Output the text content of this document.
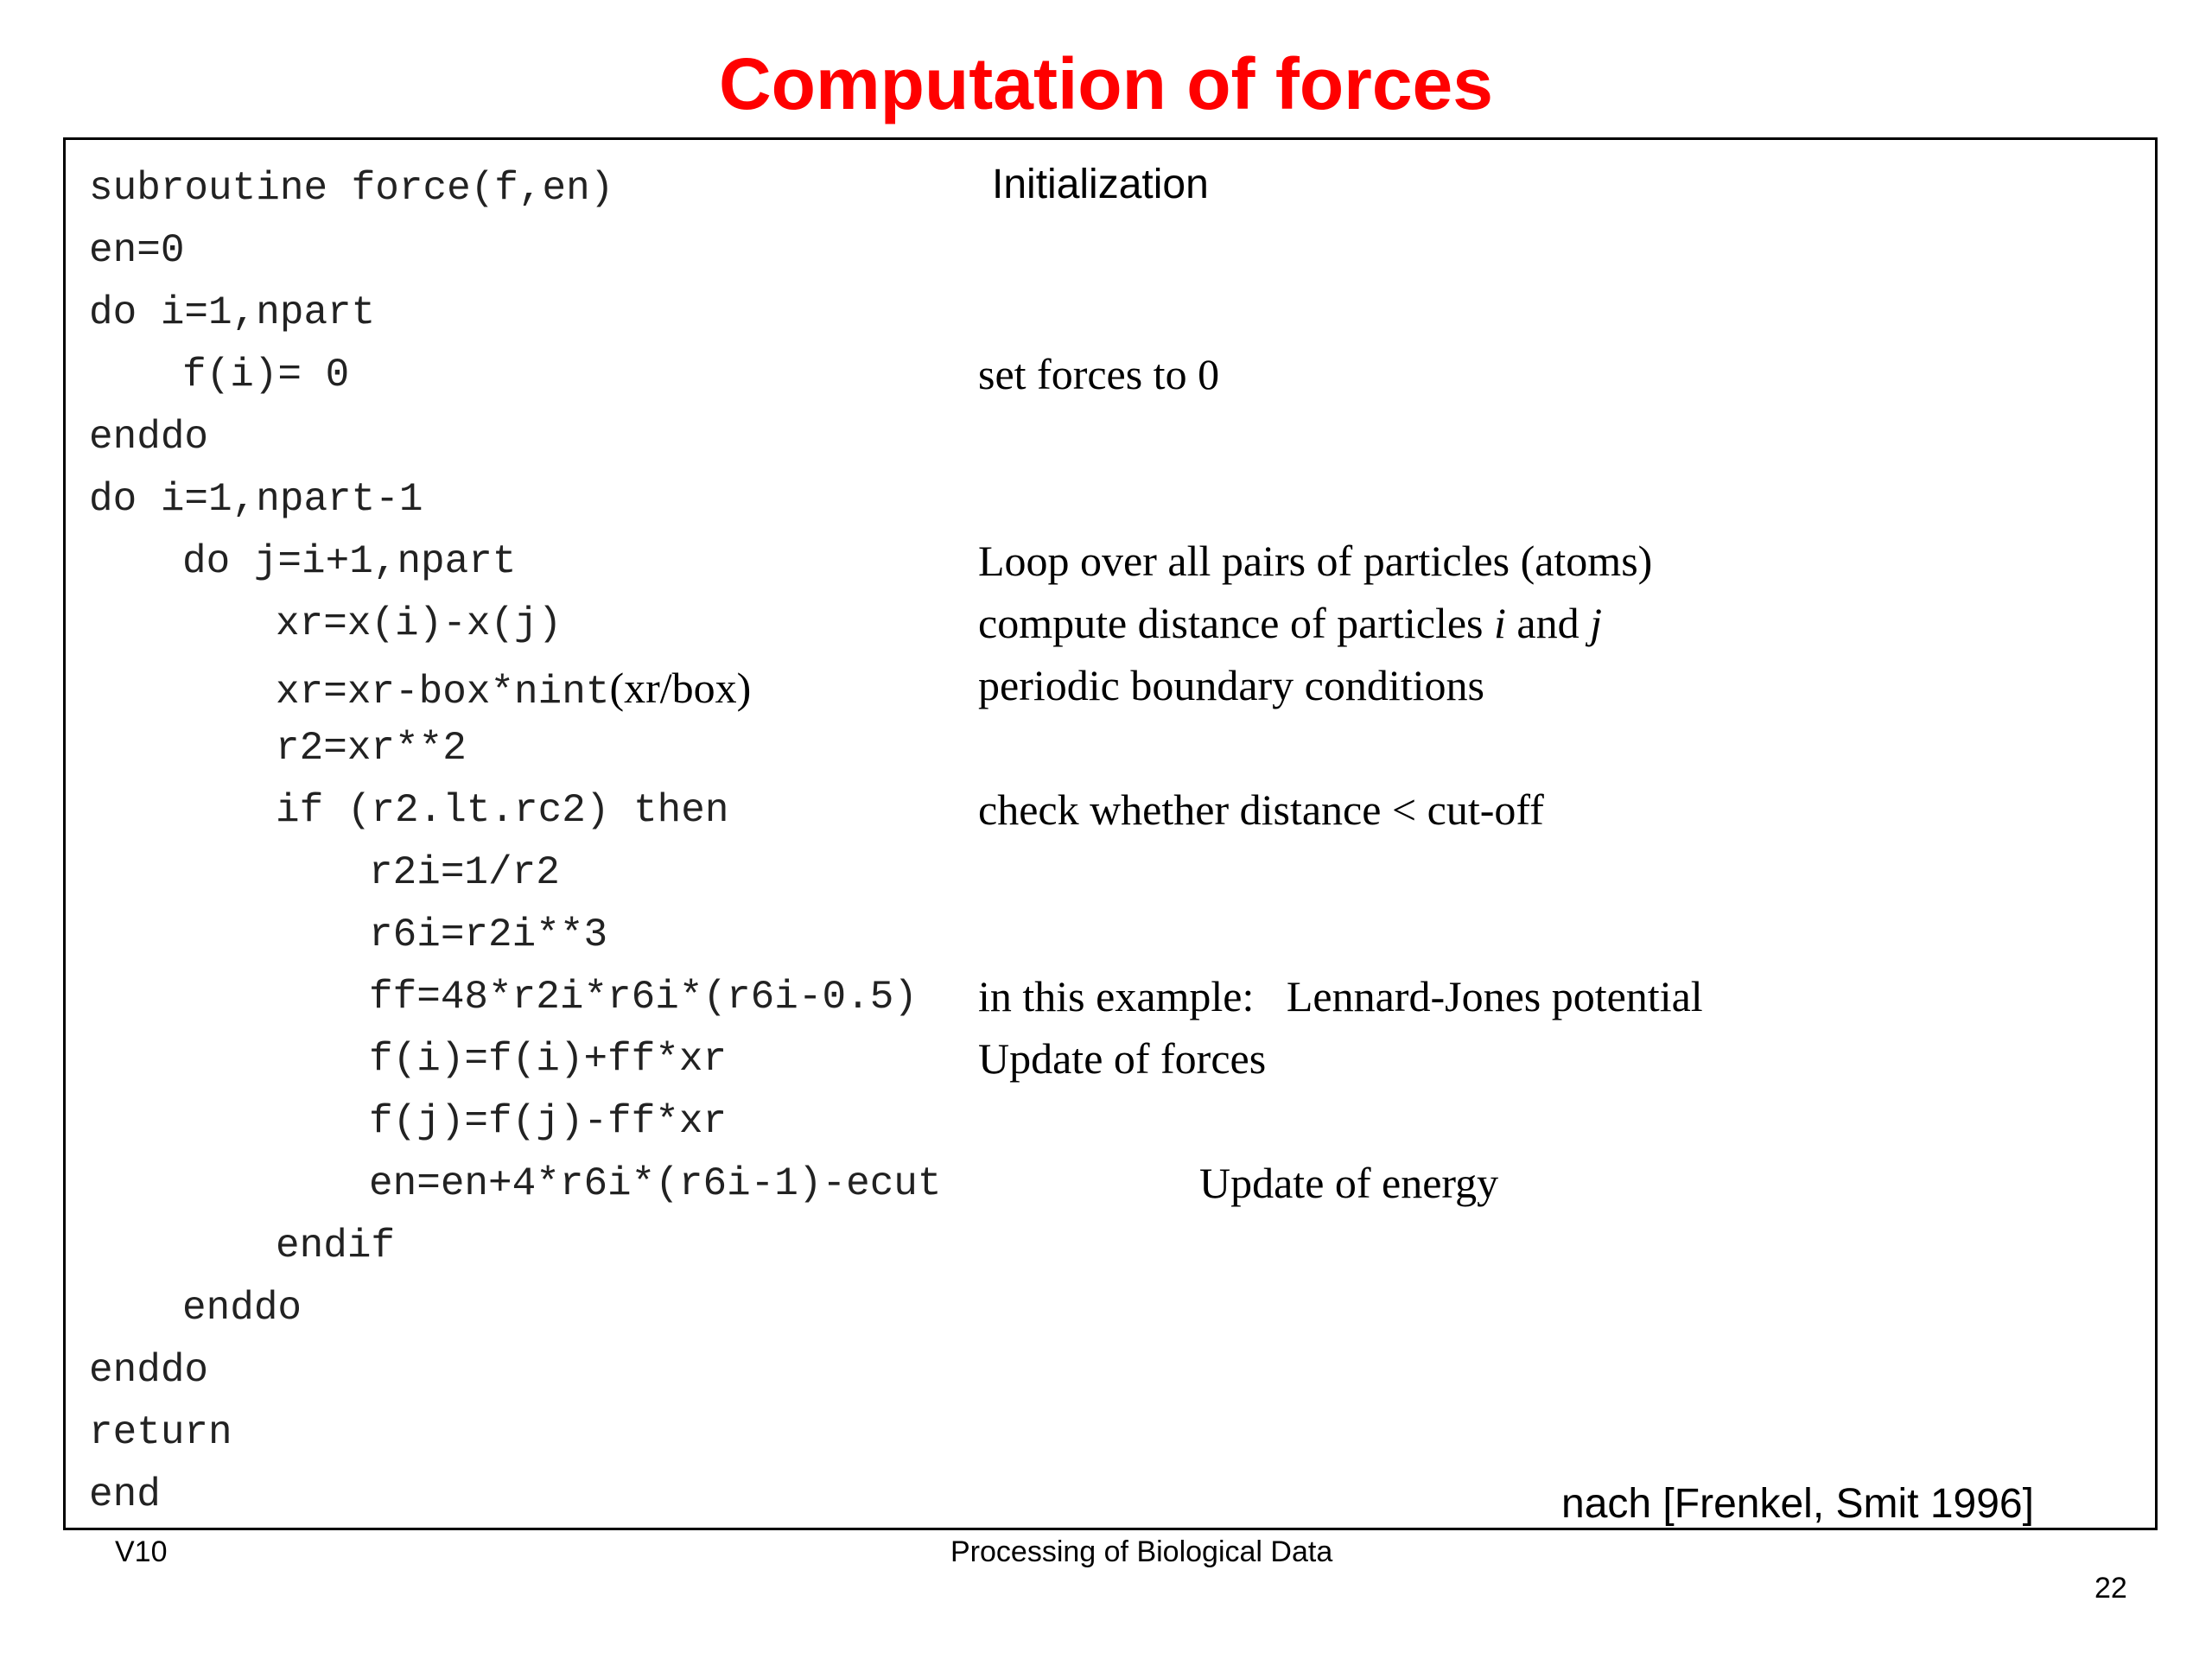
Computation of forces
subroutine force(f,en)
en=0
do i=1,npart
f(i)= 0
enddo
do i=1,npart-1
do j=i+1,npart
xr=x(i)-x(j)
xr=xr-box*nint(xr/box)
r2=xr**2
if (r2.lt.rc2) then
r2i=1/r2
r6i=r2i**3
ff=48*r2i*r6i*(r6i-0.5)
f(i)=f(i)+ff*xr
f(j)=f(j)-ff*xr
en=en+4*r6i*(r6i-1)-ecut
endif
enddo
enddo
return
end
Initialization
set forces to 0
Loop over all pairs of particles (atoms)
compute distance of particles i and j
periodic boundary conditions
check whether distance < cut-off
in this example:   Lennard-Jones potential
Update of forces
Update of energy
nach [Frenkel, Smit 1996]
V10	Processing of Biological Data
22
